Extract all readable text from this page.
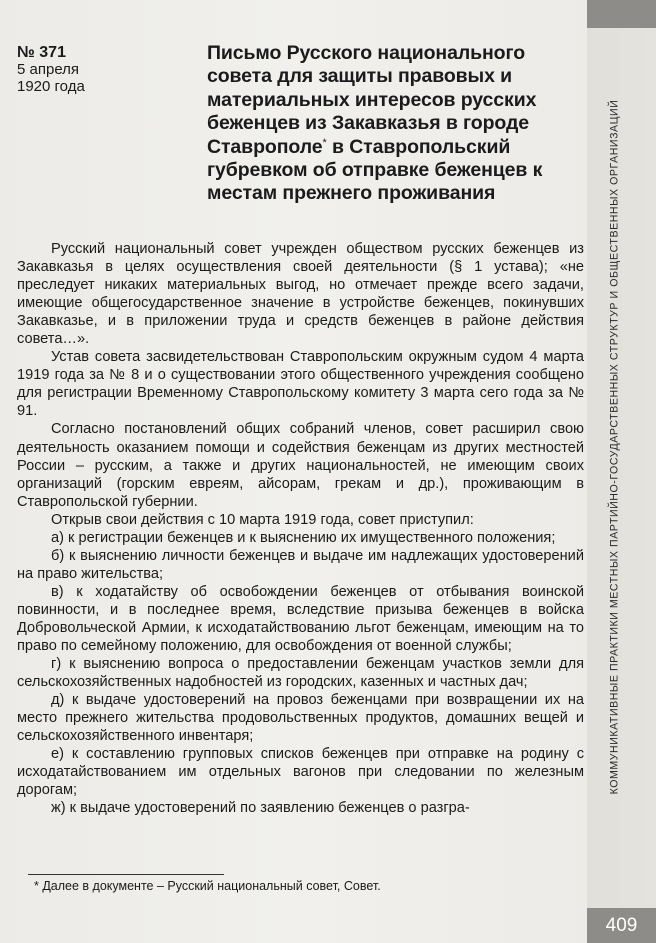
№ 371
5 апреля
1920 года
Письмо Русского национального совета для защиты правовых и материальных интересов русских беженцев из Закавказья в городе Ставрополе* в Ставропольский губревком об отправке беженцев к местам прежнего проживания

Русский национальный совет учрежден обществом русских беженцев из Закавказья в целях осуществления своей деятельности (§ 1 устава); «не преследует никаких материальных выгод, но отмечает прежде всего задачи, имеющие общегосударственное значение в устройстве беженцев, покинувших Закавказье, и в приложении труда и средств беженцев в районе действия совета…».

Устав совета засвидетельствован Ставропольским окружным судом 4 марта 1919 года за № 8 и о существовании этого общественного учреждения сообщено для регистрации Временному Ставропольскому комитету 3 марта сего года за № 91.

Согласно постановлений общих собраний членов, совет расширил свою деятельность оказанием помощи и содействия беженцам из других местностей России – русским, а также и других национальностей, не имеющим своих организаций (горским евреям, айсорам, грекам и др.), проживающим в Ставропольской губернии.

Открыв свои действия с 10 марта 1919 года, совет приступил:

а) к регистрации беженцев и к выяснению их имущественного положения;

б) к выяснению личности беженцев и выдаче им надлежащих удостоверений на право жительства;

в) к ходатайству об освобождении беженцев от отбывания воинской повинности, и в последнее время, вследствие призыва беженцев в войска Добровольческой Армии, к исходатайствованию льгот беженцам, имеющим на то право по семейному положению, для освобождения от военной службы;

г) к выяснению вопроса о предоставлении беженцам участков земли для сельскохозяйственных надобностей из городских, казенных и частных дач;

д) к выдаче удостоверений на провоз беженцами при возвращении их на место прежнего жительства продовольственных продуктов, домашних вещей и сельскохозяйственного инвентаря;

е) к составлению групповых списков беженцев при отправке на родину с исходатайствованием им отдельных вагонов при следовании по железным дорогам;

ж) к выдаче удостоверений по заявлению беженцев о разгра-

* Далее в документе – Русский национальный совет, Совет.
КОММУНИКАТИВНЫЕ ПРАКТИКИ МЕСТНЫХ ПАРТИЙНО-ГОСУДАРСТВЕННЫХ СТРУКТУР И ОБЩЕСТВЕННЫХ ОРГАНИЗАЦИЙ
409
